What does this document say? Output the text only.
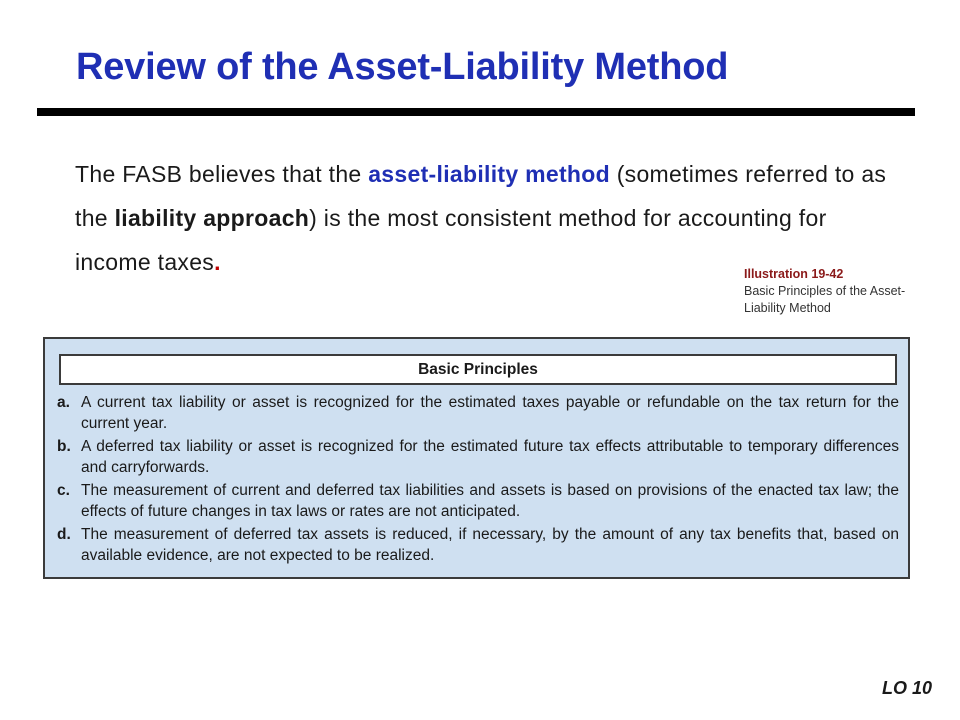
Review of the Asset-Liability Method
The FASB believes that the asset-liability method (sometimes referred to as the liability approach) is the most consistent method for accounting for income taxes.	Illustration 19-42
Basic Principles of the Asset-Liability Method
Basic Principles
a. A current tax liability or asset is recognized for the estimated taxes payable or refundable on the tax return for the current year.
b. A deferred tax liability or asset is recognized for the estimated future tax effects attributable to temporary differences and carryforwards.
c. The measurement of current and deferred tax liabilities and assets is based on provisions of the enacted tax law; the effects of future changes in tax laws or rates are not anticipated.
d. The measurement of deferred tax assets is reduced, if necessary, by the amount of any tax benefits that, based on available evidence, are not expected to be realized.
LO 10
